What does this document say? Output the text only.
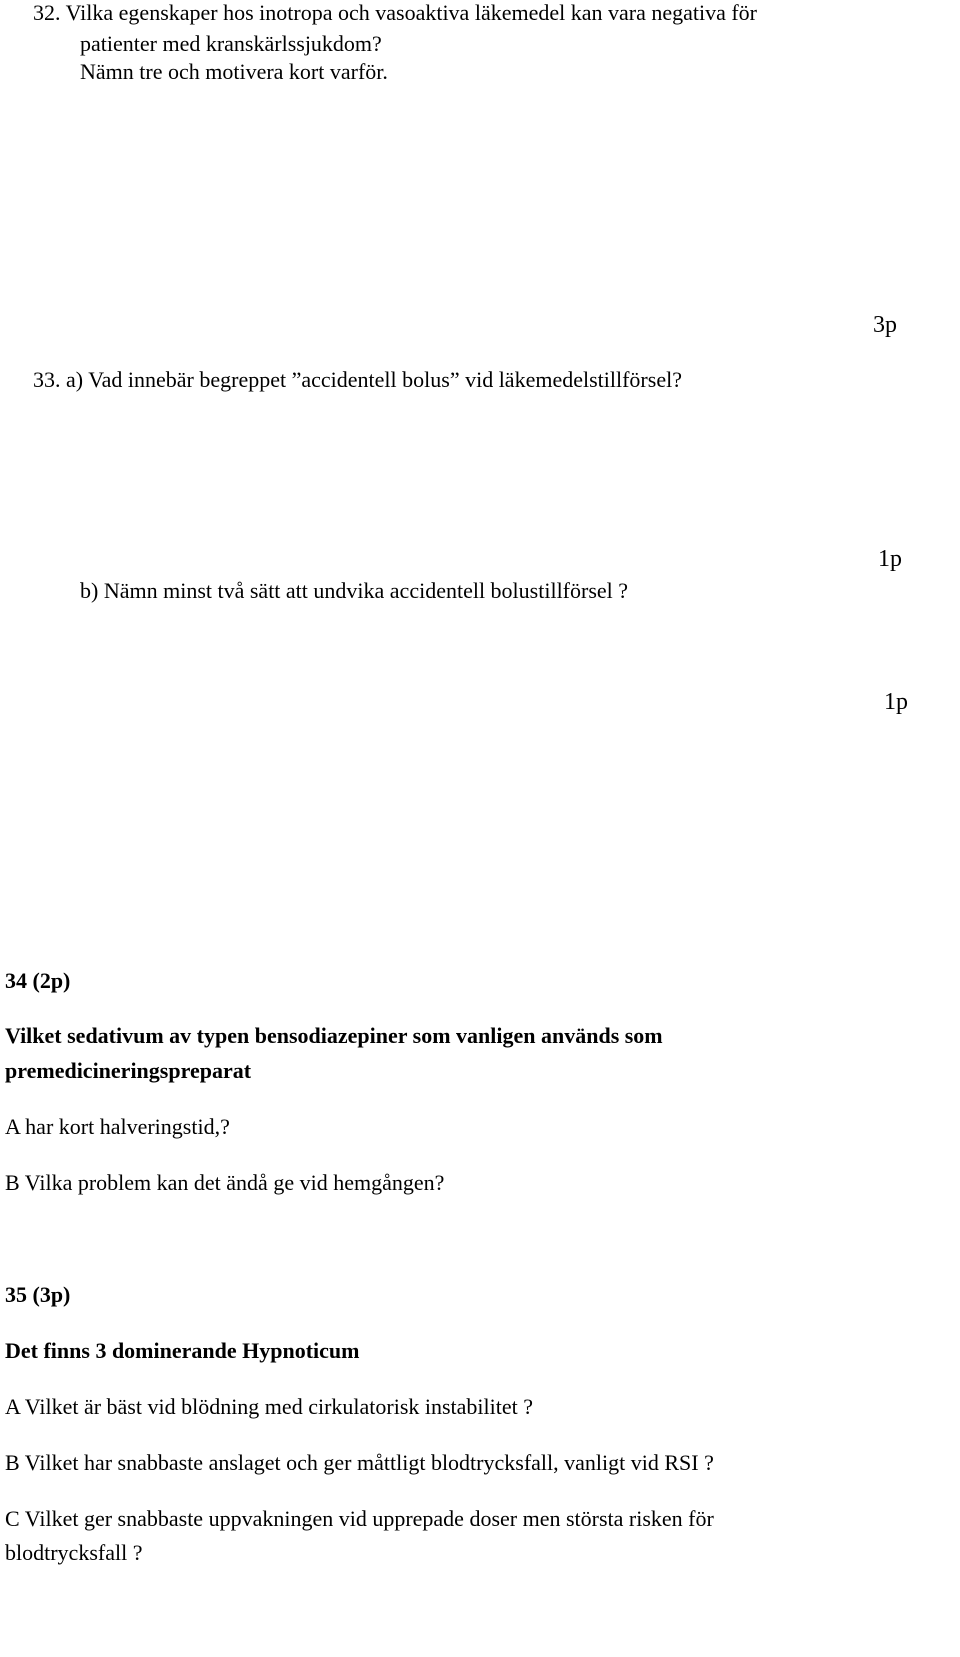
32. Vilka egenskaper hos inotropa och vasoaktiva läkemedel kan vara negativa för

patienter med kranskärlssjukdom?

Nämn tre och motivera kort varför.

3p

33. a) Vad innebär begreppet ”accidentell bolus” vid läkemedelstillförsel?

1p

b) Nämn minst två sätt att undvika accidentell bolustillförsel ?

1p

34 (2p)

Vilket sedativum av typen bensodiazepiner som vanligen används som

premedicineringspreparat

A har kort halveringstid,?

B Vilka problem kan det ändå ge vid hemgången?

35 (3p)

Det finns 3 dominerande Hypnoticum

A Vilket är bäst vid blödning med cirkulatorisk instabilitet ?

B Vilket har snabbaste anslaget och ger måttligt blodtrycksfall, vanligt vid RSI ?

C Vilket ger snabbaste uppvakningen vid upprepade doser men största risken för

blodtrycksfall ?
